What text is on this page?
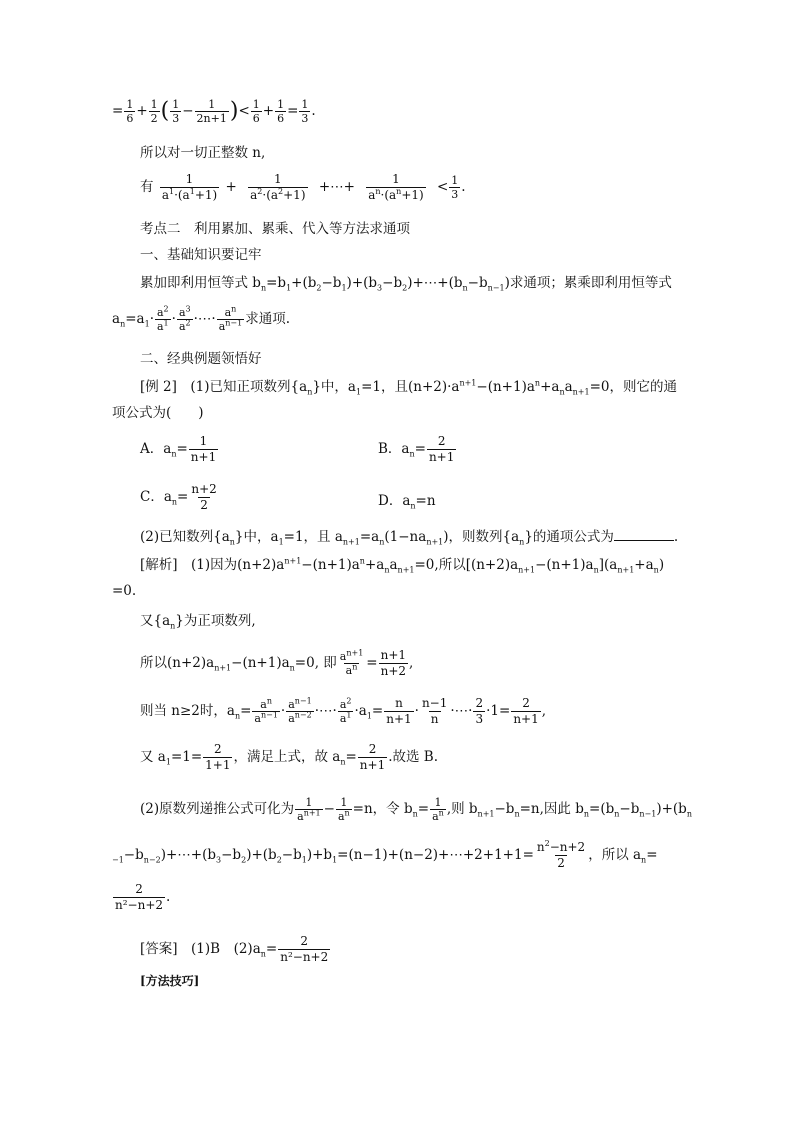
= $\frac{1}{6} + \frac{1}{2}$ ( $\frac{1}{3} - \frac{1}{2n+1}$ )< $\frac{1}{6} + \frac{1}{6} = \frac{1}{3}$ .
所以对一切正整数 n,
有 $\frac{1}{a^1\cdot(a^1+1)} + \frac{1}{a^2\cdot(a^2+1)}$ +⋯+ $\frac{1}{a^n\cdot(a^n+1)} < \frac{1}{3}$ .
考点二　利用累加、累乘、代入等方法求通项
一、基础知识要记牢
累加即利用恒等式 $b_n=b_1+(b_2-b_1)+(b_3-b_2)+\cdots+(b_n-b_{n-1})$求通项；累乘即利用恒等式
$a_n=a_1\cdot \frac{a^2}{a^1} \cdot \frac{a^3}{a^2}$ ·⋯· $\frac{a^n}{a^{n-1}}$ 求通项.
二、经典例题领悟好
[例 2]　(1)已知正项数列$\{a_n\}$中，$a_1=1$，且$(n+2)\cdot a^{n+1}-(n+1)a^n+a_na_{n+1}=0$，则它的通
项公式为(　　)
A．$a_n= \frac{1}{n+1}$	B．$a_n= \frac{2}{n+1}$
C．$a_n= \frac{n+2}{2}$	D．$a_n=n$
(2)已知数列$\{a_n\}$中，$a_1=1$，且 $a_{n+1}=a_n(1-na_{n+1})$，则数列$\{a_n\}$的通项公式为	.
[解析]　(1)因为$(n+2)a^{n+1}-(n+1)a^n+a_na_{n+1}=0$,所以$[(n+2)a_{n+1}-(n+1)a_n](a_{n+1}+a_n)$
=0.
又$\{a_n\}$为正项数列,
所以$(n+2)a_{n+1}-(n+1)a_n=0$, 即 $\frac{a^{n+1}}{a^n} = \frac{n+1}{n+2}$ ,
则当 n≥2时，$a_n= \frac{a^n}{a^{n-1}} \cdot \frac{a^{n-1}}{a^{n-2}}$ ·⋯· $\frac{a^2}{a^1} \cdot a_1= \frac{n}{n+1} \cdot \frac{n-1}{n}$ ·⋯· $\frac{2}{3} \cdot 1= \frac{2}{n+1}$ ,
又 $a_1=1= \frac{2}{1+1}$ ，满足上式，故 $a_n= \frac{2}{n+1}$ .故选 B.
(2)原数列递推公式可化为 $\frac{1}{a^{n+1}} - \frac{1}{a^n} =n$，令 $b_n= \frac{1}{a^n}$ ,则 $b_{n+1}-b_n=n$,因此 $b_n=(b_n-b_{n-1})+(b_n$
$_{-1}-b_{n-2})+\cdots+(b_3-b_2)+(b_2-b_1)+b_1=(n-1)+(n-2)+\cdots+2+1+1= \frac{n^2-n+2}{2}$ ，所以 $a_n=$
$\frac{2}{\text{n²−n+2}}$ .
[答案]　(1)B　$(2)a_n= \frac{2}{\text{n²−n+2}}$
[方法技巧]
